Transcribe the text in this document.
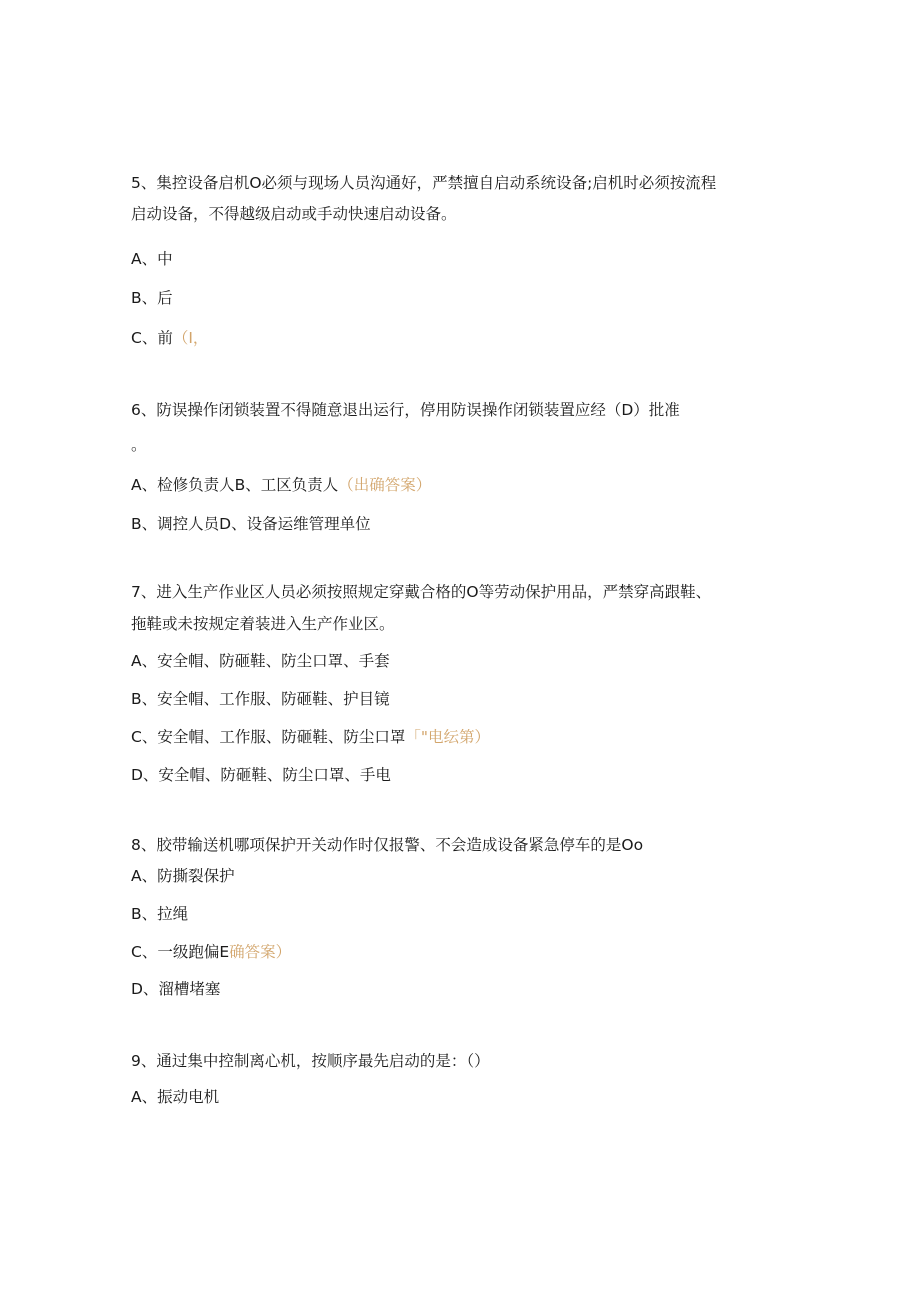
5、集控设备启机O必须与现场人员沟通好，严禁擅自启动系统设备;启机时必须按流程
启动设备，不得越级启动或手动快速启动设备。
A、中
B、后
C、前（I，
6、防误操作闭锁装置不得随意退出运行，停用防误操作闭锁装置应经（D）批准
。
A、检修负责人B、工区负责人（出确答案）
B、调控人员D、设备运维管理单位
7、进入生产作业区人员必须按照规定穿戴合格的O等劳动保护用品，严禁穿高跟鞋、
拖鞋或未按规定着装进入生产作业区。
A、安全帽、防砸鞋、防尘口罩、手套
B、安全帽、工作服、防砸鞋、护目镜
C、安全帽、工作服、防砸鞋、防尘口罩「"电纭第）
D、安全帽、防砸鞋、防尘口罩、手电
8、胶带输送机哪项保护开关动作时仅报警、不会造成设备紧急停车的是Oo
A、防撕裂保护
B、拉绳
C、一级跑偏E确答案）
D、溜槽堵塞
9、通过集中控制离心机，按顺序最先启动的是：（）
A、振动电机
